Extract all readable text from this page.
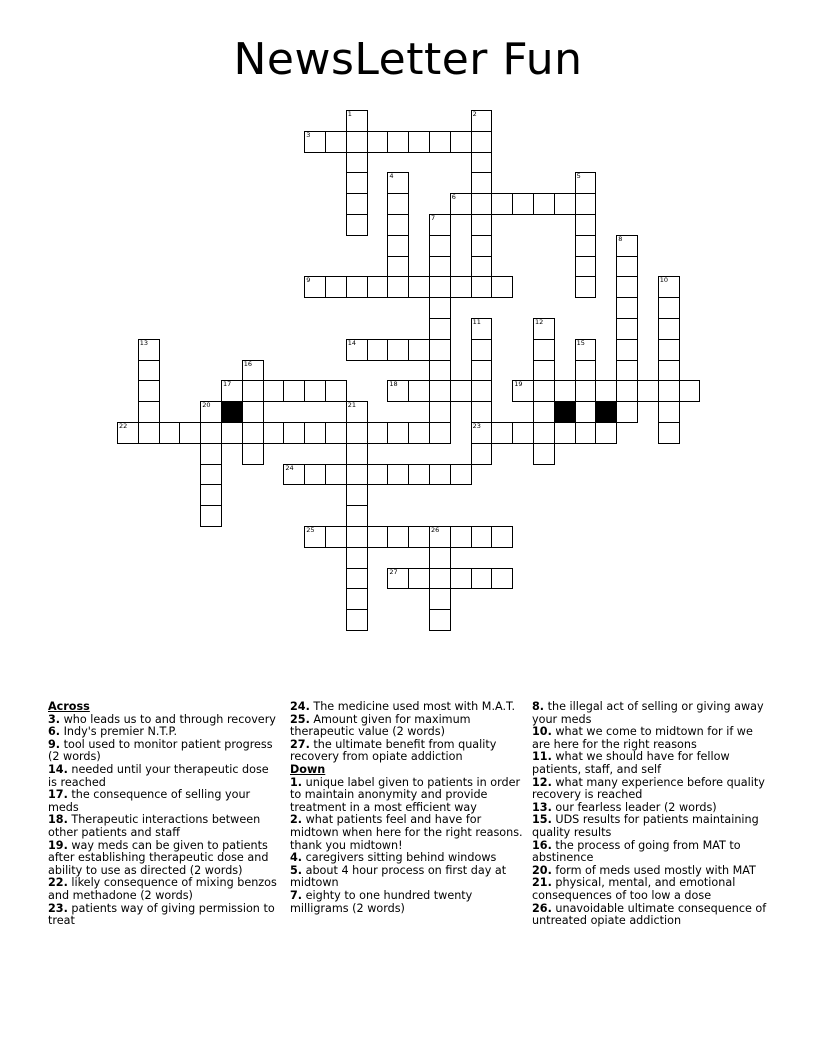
NewsLetter Fun
1	2
3
4	5
6
7
8
9	10
11
23
12
13	14	15
16
17	18	19
20	21
22
24
25	26
27
Across
3. who leads us to and through recovery
6. Indy's premier N.T.P.
9. tool used to monitor patient progress (2 words)
14. needed until your therapeutic dose is reached
17. the consequence of selling your meds
18. Therapeutic interactions between other patients and staff
19. way meds can be given to patients after establishing therapeutic dose and ability to use as directed (2 words)
22. likely consequence of mixing benzos and methadone (2 words)
23. patients way of giving permission to treat
24. The medicine used most with M.A.T.
25. Amount given for maximum therapeutic value (2 words)
27. the ultimate benefit from quality recovery from opiate addiction
Down
1. unique label given to patients in order to maintain anonymity and provide treatment in a most efficient way
2. what patients feel and have for midtown when here for the right reasons. thank you midtown!
4. caregivers sitting behind windows
5. about 4 hour process on first day at midtown
7. eighty to one hundred twenty milligrams (2 words)
8. the illegal act of selling or giving away your meds
10. what we come to midtown for if we are here for the right reasons
11. what we should have for fellow patients, staff, and self
12. what many experience before quality recovery is reached
13. our fearless leader (2 words)
15. UDS results for patients maintaining quality results
16. the process of going from MAT to abstinence
20. form of meds used mostly with MAT
21. physical, mental, and emotional consequences of too low a dose
26. unavoidable ultimate consequence of untreated opiate addiction
